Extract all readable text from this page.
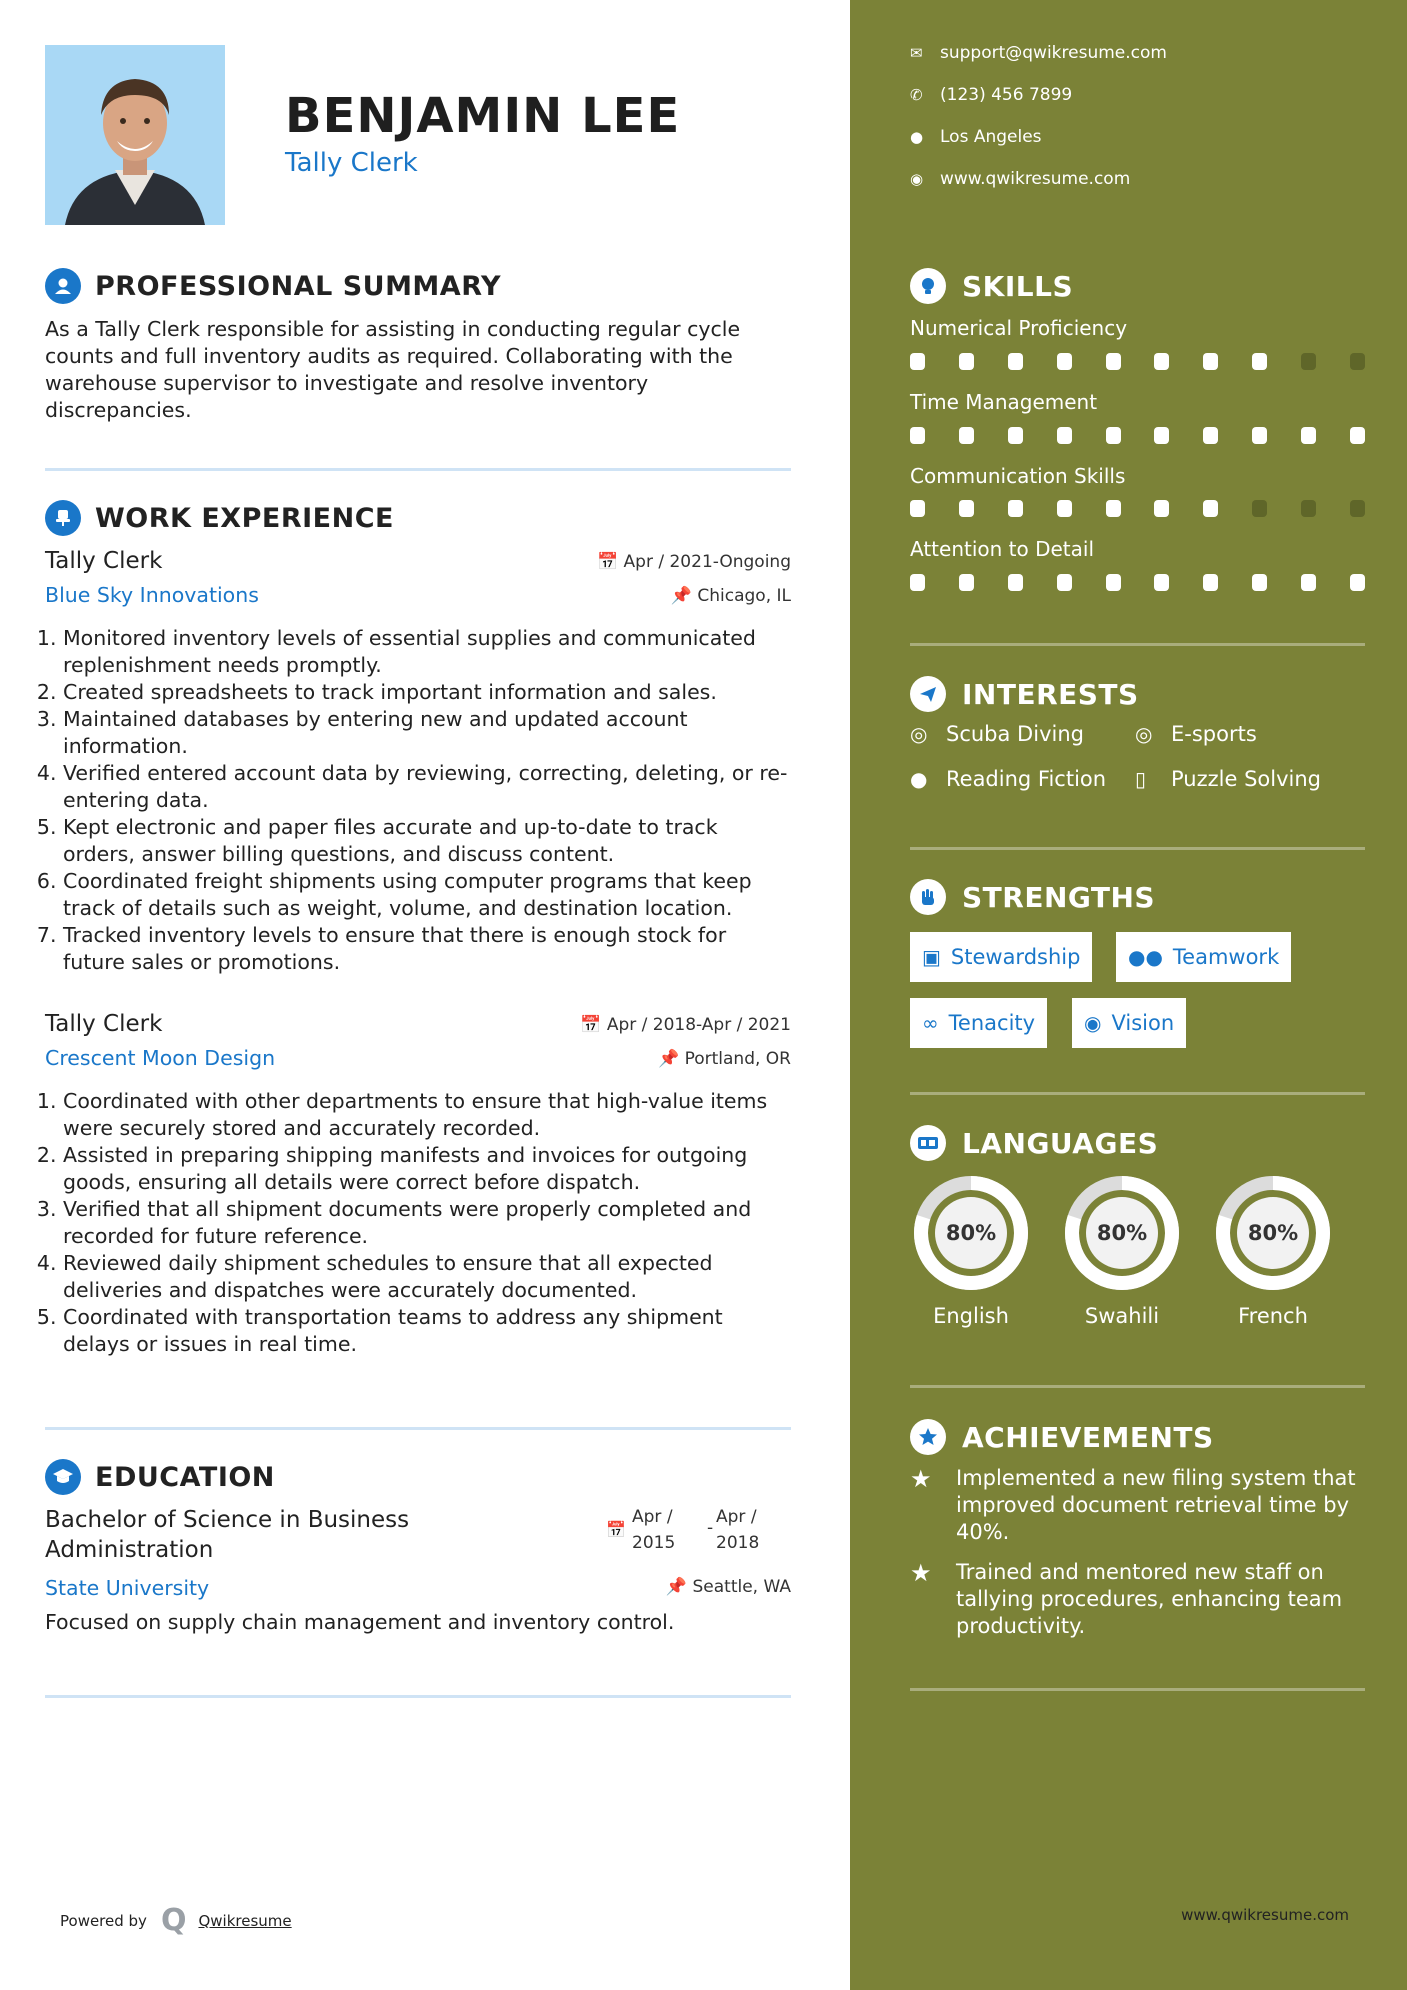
BENJAMIN LEE
Tally Clerk
PROFESSIONAL SUMMARY
As a Tally Clerk responsible for assisting in conducting regular cycle counts and full inventory audits as required. Collaborating with the warehouse supervisor to investigate and resolve inventory discrepancies.
WORK EXPERIENCE
Tally Clerk
Blue Sky Innovations
📅 Apr / 2021-Ongoing
📌 Chicago, IL
1. Monitored inventory levels of essential supplies and communicated replenishment needs promptly.
2. Created spreadsheets to track important information and sales.
3. Maintained databases by entering new and updated account information.
4. Verified entered account data by reviewing, correcting, deleting, or re-entering data.
5. Kept electronic and paper files accurate and up-to-date to track orders, answer billing questions, and discuss content.
6. Coordinated freight shipments using computer programs that keep track of details such as weight, volume, and destination location.
7. Tracked inventory levels to ensure that there is enough stock for future sales or promotions.
Tally Clerk
Crescent Moon Design
📅 Apr / 2018-Apr / 2021
📌 Portland, OR
1. Coordinated with other departments to ensure that high-value items were securely stored and accurately recorded.
2. Assisted in preparing shipping manifests and invoices for outgoing goods, ensuring all details were correct before dispatch.
3. Verified that all shipment documents were properly completed and recorded for future reference.
4. Reviewed daily shipment schedules to ensure that all expected deliveries and dispatches were accurately documented.
5. Coordinated with transportation teams to address any shipment delays or issues in real time.
EDUCATION
Bachelor of Science in Business
Administration
State University
📅
Apr /
2015
-
Apr /
2018
📌 Seattle, WA
Focused on supply chain management and inventory control.
Powered by Q Qwikresume
✉	support@qwikresume.com
✆	(123) 456 7899
● Los Angeles
◉ www.qwikresume.com
SKILLS
Numerical Proficiency
Time Management
Communication Skills
Attention to Detail
INTERESTS
◎ Scuba Diving	◎ E-sports
● Reading Fiction ▯	Puzzle Solving
STRENGTHS
▣ Stewardship ●● Teamwork
∞ Tenacity ◉ Vision
LANGUAGES
80%
English
80%
Swahili
80%
French
ACHIEVEMENTS
★	Implemented a new filing system that improved document retrieval time by 40%.
★	Trained and mentored new staff on tallying procedures, enhancing team productivity.
www.qwikresume.com
